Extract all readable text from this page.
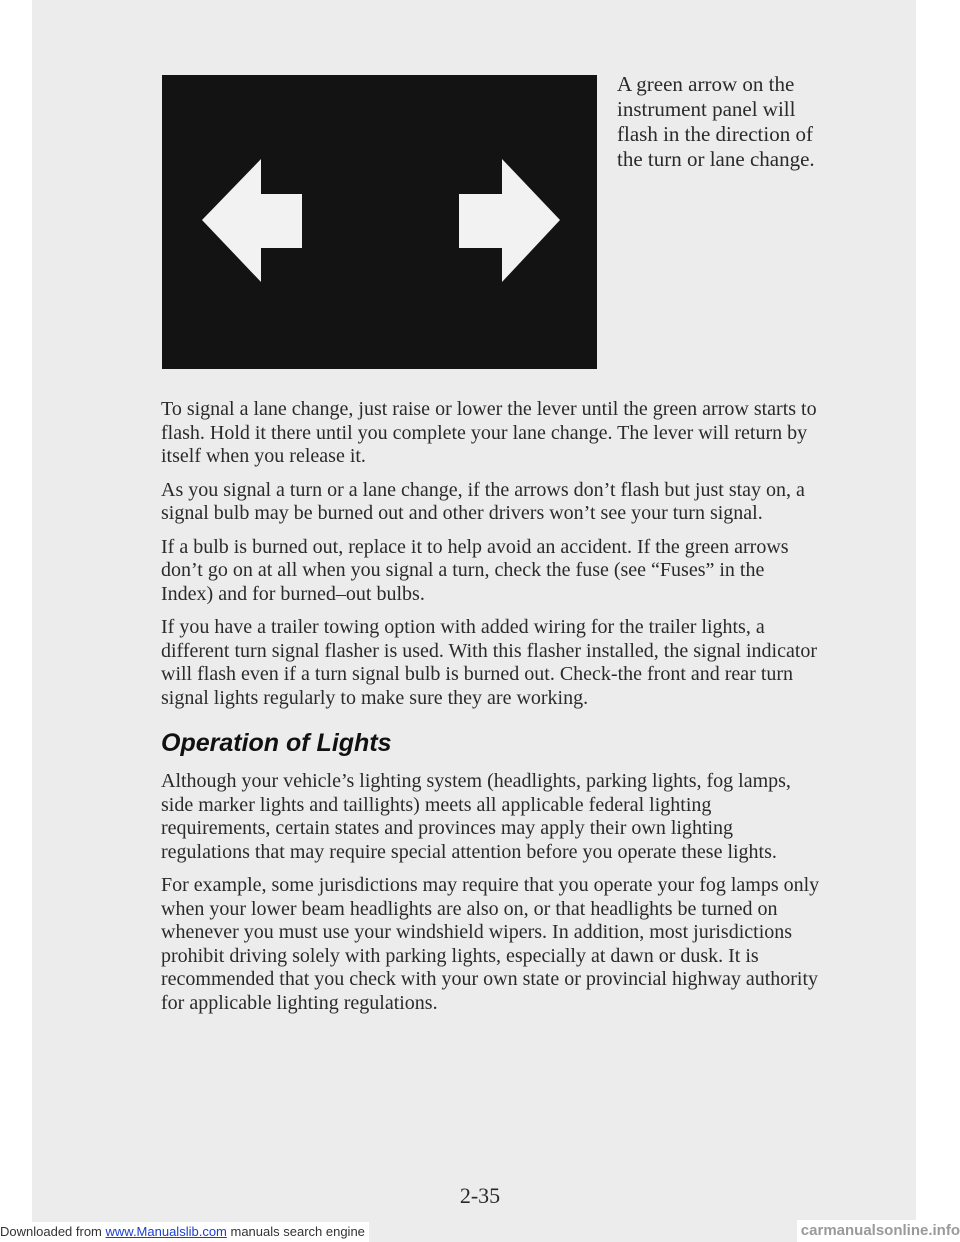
A green arrow on the instrument panel will flash in the direction of the turn or lane change.

To signal a lane change, just raise or lower the lever until the green arrow starts to flash. Hold it there until you complete your lane change. The lever will return by itself when you release it.

As you signal a turn or a lane change, if the arrows don’t flash but just stay on, a signal bulb may be burned out and other drivers won’t see your turn signal.

If a bulb is burned out, replace it to help avoid an accident. If the green arrows don’t go on at all when you signal a turn, check the fuse (see “Fuses” in the Index) and for burned–out bulbs.

If you have a trailer towing option with added wiring for the trailer lights, a different turn signal flasher is used. With this flasher installed, the signal indicator will flash even if a turn signal bulb is burned out. Check-the front and rear turn signal lights regularly to make sure they are working.

Operation of Lights

Although your vehicle’s lighting system (headlights, parking lights, fog lamps, side marker lights and taillights) meets all applicable federal lighting requirements, certain states and provinces may apply their own lighting regulations that may require special attention before you operate these lights.

For example, some jurisdictions may require that you operate your fog lamps only when your lower beam headlights are also on, or that headlights be turned on whenever you must use your windshield wipers. In addition, most jurisdictions prohibit driving solely with parking lights, especially at dawn or dusk. It is recommended that you check with your own state or provincial highway authority for applicable lighting regulations.

2-35
Downloaded from www.Manualslib.com manuals search engine	carmanualsonline.info
